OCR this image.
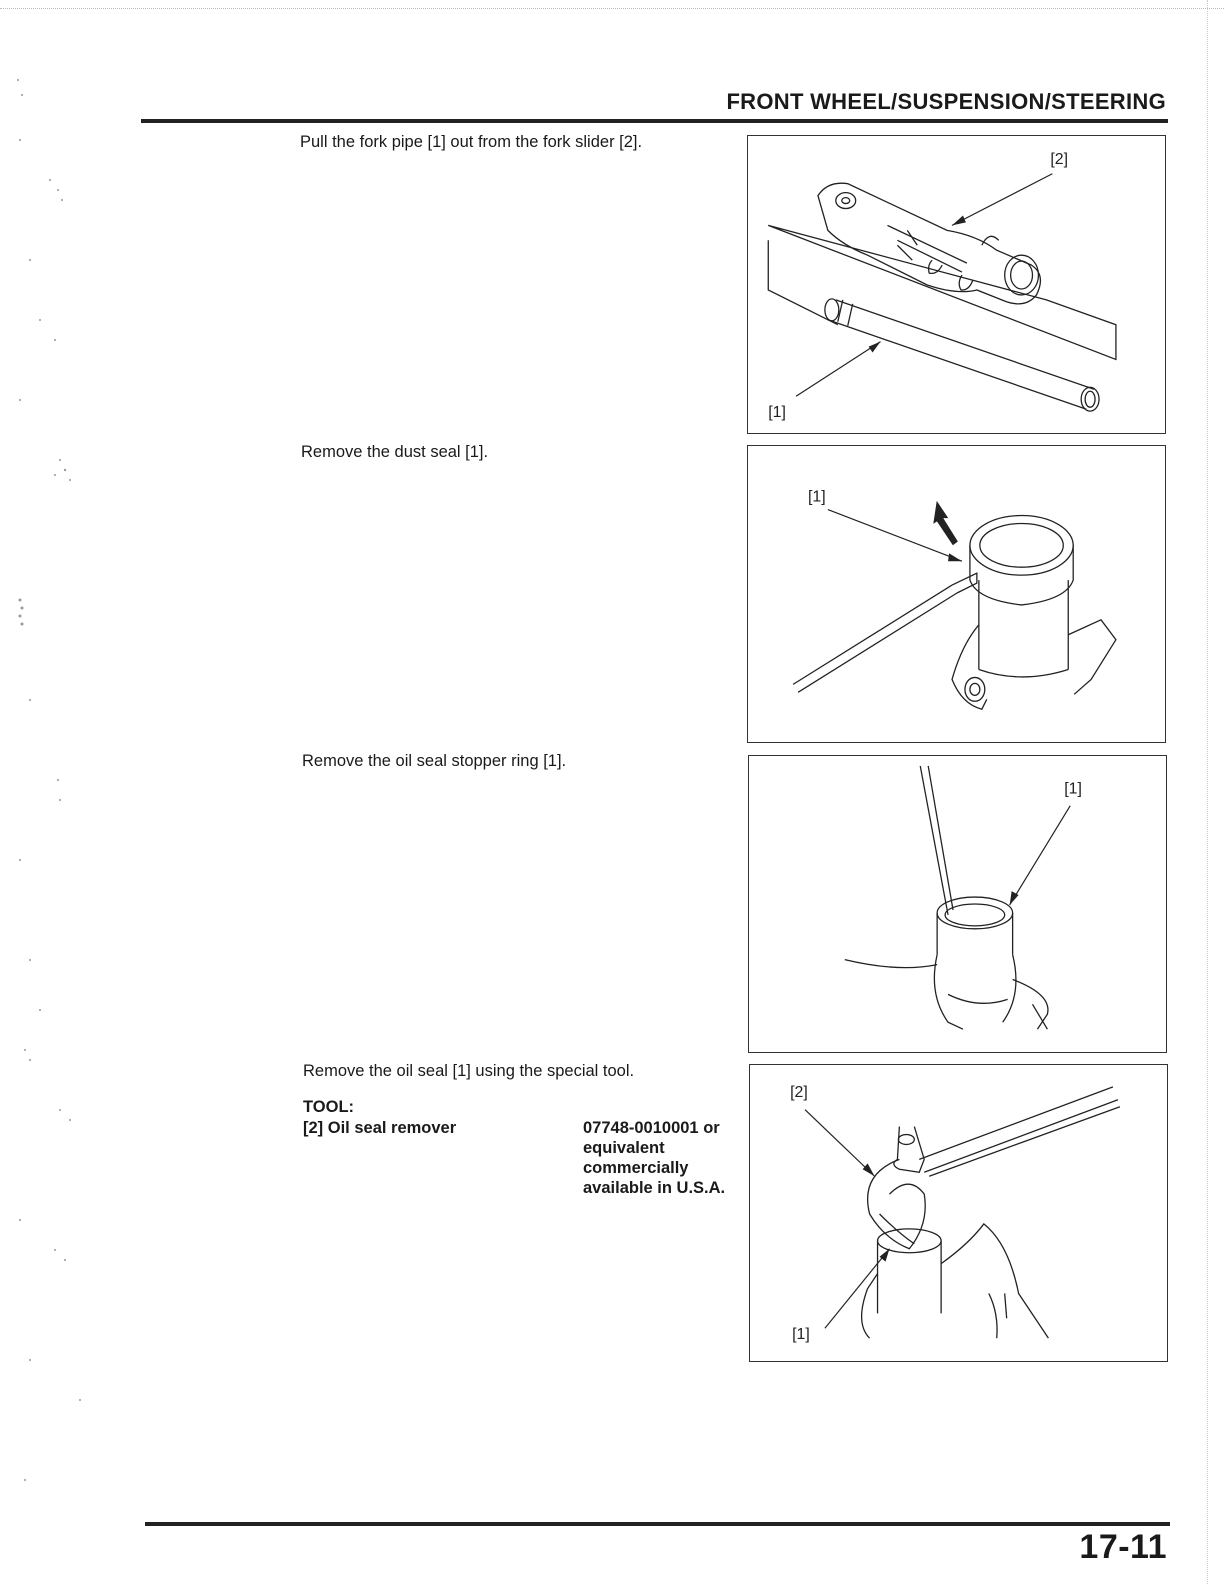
FRONT WHEEL/SUSPENSION/STEERING
Pull the fork pipe [1] out from the fork slider [2].
[2]
[1]
Remove the dust seal [1].
[1]
Remove the oil seal stopper ring [1].
[1]
Remove the oil seal [1] using the special tool.
TOOL:
[2] Oil seal remover	07748-0010001 or
equivalent
commercially
available in U.S.A.
[2]
[1]
17-11
